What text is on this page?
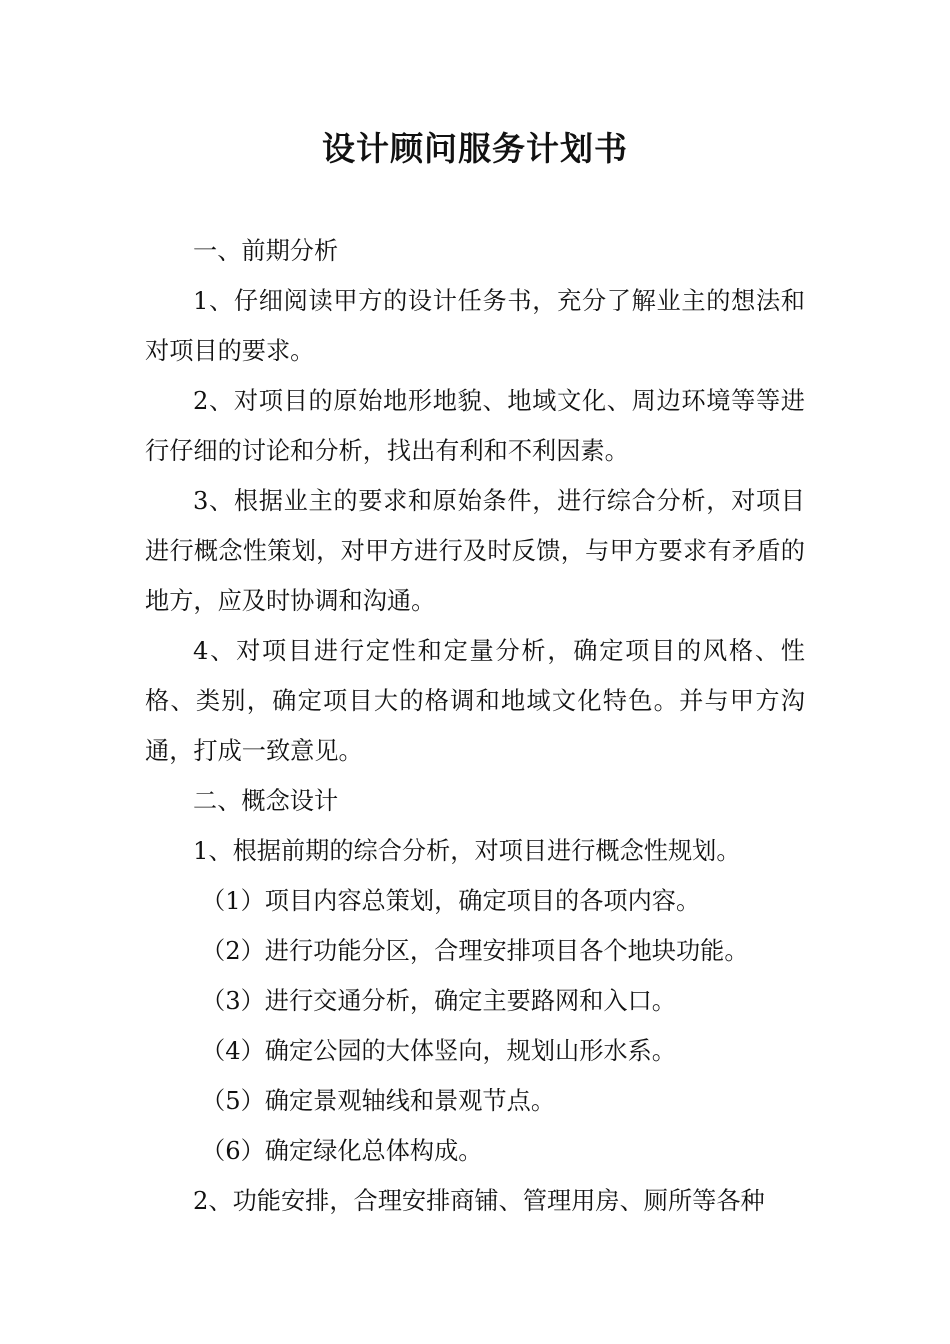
设计顾问服务计划书

一、前期分析

1、仔细阅读甲方的设计任务书，充分了解业主的想法和对项目的要求。

2、对项目的原始地形地貌、地域文化、周边环境等等进行仔细的讨论和分析，找出有利和不利因素。

3、根据业主的要求和原始条件，进行综合分析，对项目进行概念性策划，对甲方进行及时反馈，与甲方要求有矛盾的地方，应及时协调和沟通。

4、对项目进行定性和定量分析，确定项目的风格、性格、类别，确定项目大的格调和地域文化特色。并与甲方沟通，打成一致意见。

二、概念设计

1、根据前期的综合分析，对项目进行概念性规划。

（1）项目内容总策划，确定项目的各项内容。

（2）进行功能分区，合理安排项目各个地块功能。

（3）进行交通分析，确定主要路网和入口。

（4）确定公园的大体竖向，规划山形水系。

（5）确定景观轴线和景观节点。

（6）确定绿化总体构成。

2、功能安排，合理安排商铺、管理用房、厕所等各种
